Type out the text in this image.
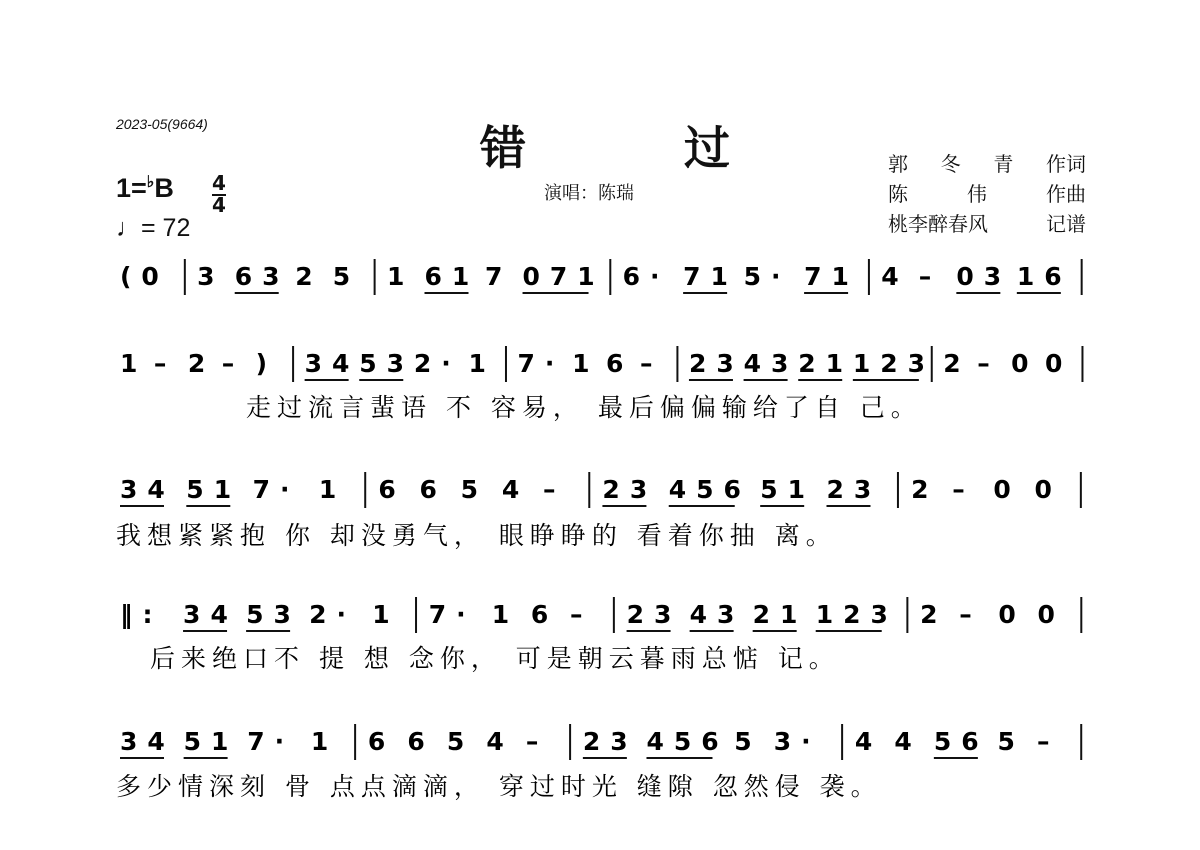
2023-05(9664)	错	过
演唱：陈瑞
郭 冬 青 作词
陈	伟	作曲
桃李醉春风	记谱
1=♭B 4
4
♩= 72
(0 3 63 2 5 1 61 7 071 6· 71 5· 71 4 – 03 16
1 – 2 – ) 34 53 2· 1 7· 1 6 – 23 43 21 123 2 – 0 0
走过流言蜚语 不 容易， 最后偏偏输给了自 己。
34 51 7· 1 6 6 5 4 – 23 456 51 23 2 – 0 0
我想紧紧抱 你 却没勇气， 眼睁睁的 看着你抽 离。
‖: 34 53 2· 1 7· 1 6 – 23 43 21 123 2 – 0 0
后来绝口不 提 想 念你， 可是朝云暮雨总惦 记。
34 51 7· 1 6 6 5 4 – 23 456 5 3· 4 4 56 5 –
多少情深刻 骨 点点滴滴， 穿过时光 缝隙 忽然侵 袭。
